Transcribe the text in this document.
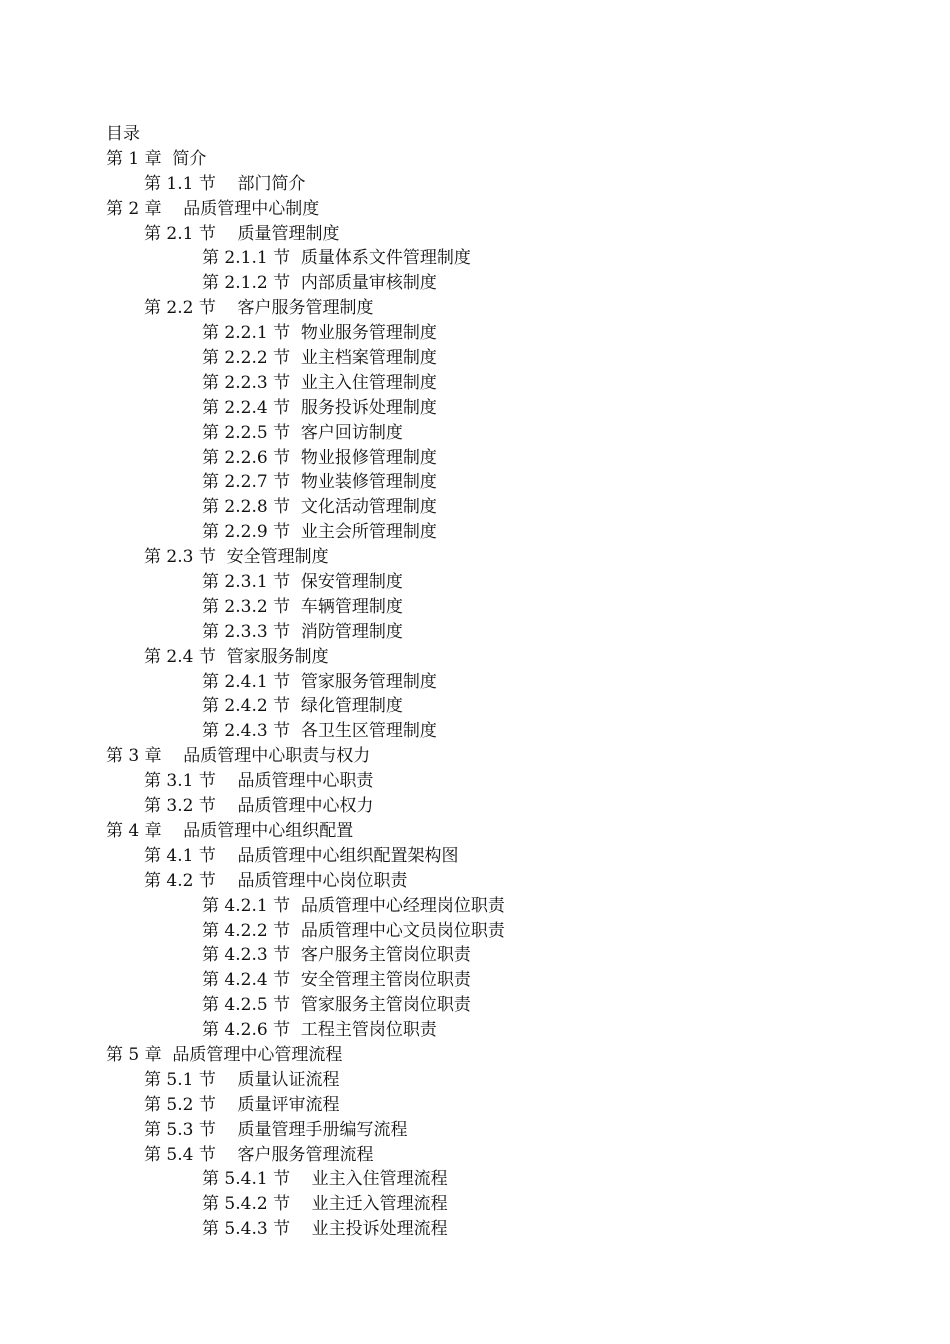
目录
第 1 章  简介
第 1.1 节    部门简介
第 2 章    品质管理中心制度
第 2.1 节    质量管理制度
第 2.1.1 节  质量体系文件管理制度
第 2.1.2 节  内部质量审核制度
第 2.2 节    客户服务管理制度
第 2.2.1 节  物业服务管理制度
第 2.2.2 节  业主档案管理制度
第 2.2.3 节  业主入住管理制度
第 2.2.4 节  服务投诉处理制度
第 2.2.5 节  客户回访制度
第 2.2.6 节  物业报修管理制度
第 2.2.7 节  物业装修管理制度
第 2.2.8 节  文化活动管理制度
第 2.2.9 节  业主会所管理制度
第 2.3 节  安全管理制度
第 2.3.1 节  保安管理制度
第 2.3.2 节  车辆管理制度
第 2.3.3 节  消防管理制度
第 2.4 节  管家服务制度
第 2.4.1 节  管家服务管理制度
第 2.4.2 节  绿化管理制度
第 2.4.3 节  各卫生区管理制度
第 3 章    品质管理中心职责与权力
第 3.1 节    品质管理中心职责
第 3.2 节    品质管理中心权力
第 4 章    品质管理中心组织配置
第 4.1 节    品质管理中心组织配置架构图
第 4.2 节    品质管理中心岗位职责
第 4.2.1 节  品质管理中心经理岗位职责
第 4.2.2 节  品质管理中心文员岗位职责
第 4.2.3 节  客户服务主管岗位职责
第 4.2.4 节  安全管理主管岗位职责
第 4.2.5 节  管家服务主管岗位职责
第 4.2.6 节  工程主管岗位职责
第 5 章  品质管理中心管理流程
第 5.1 节    质量认证流程
第 5.2 节    质量评审流程
第 5.3 节    质量管理手册编写流程
第 5.4 节    客户服务管理流程
第 5.4.1 节    业主入住管理流程
第 5.4.2 节    业主迁入管理流程
第 5.4.3 节    业主投诉处理流程
